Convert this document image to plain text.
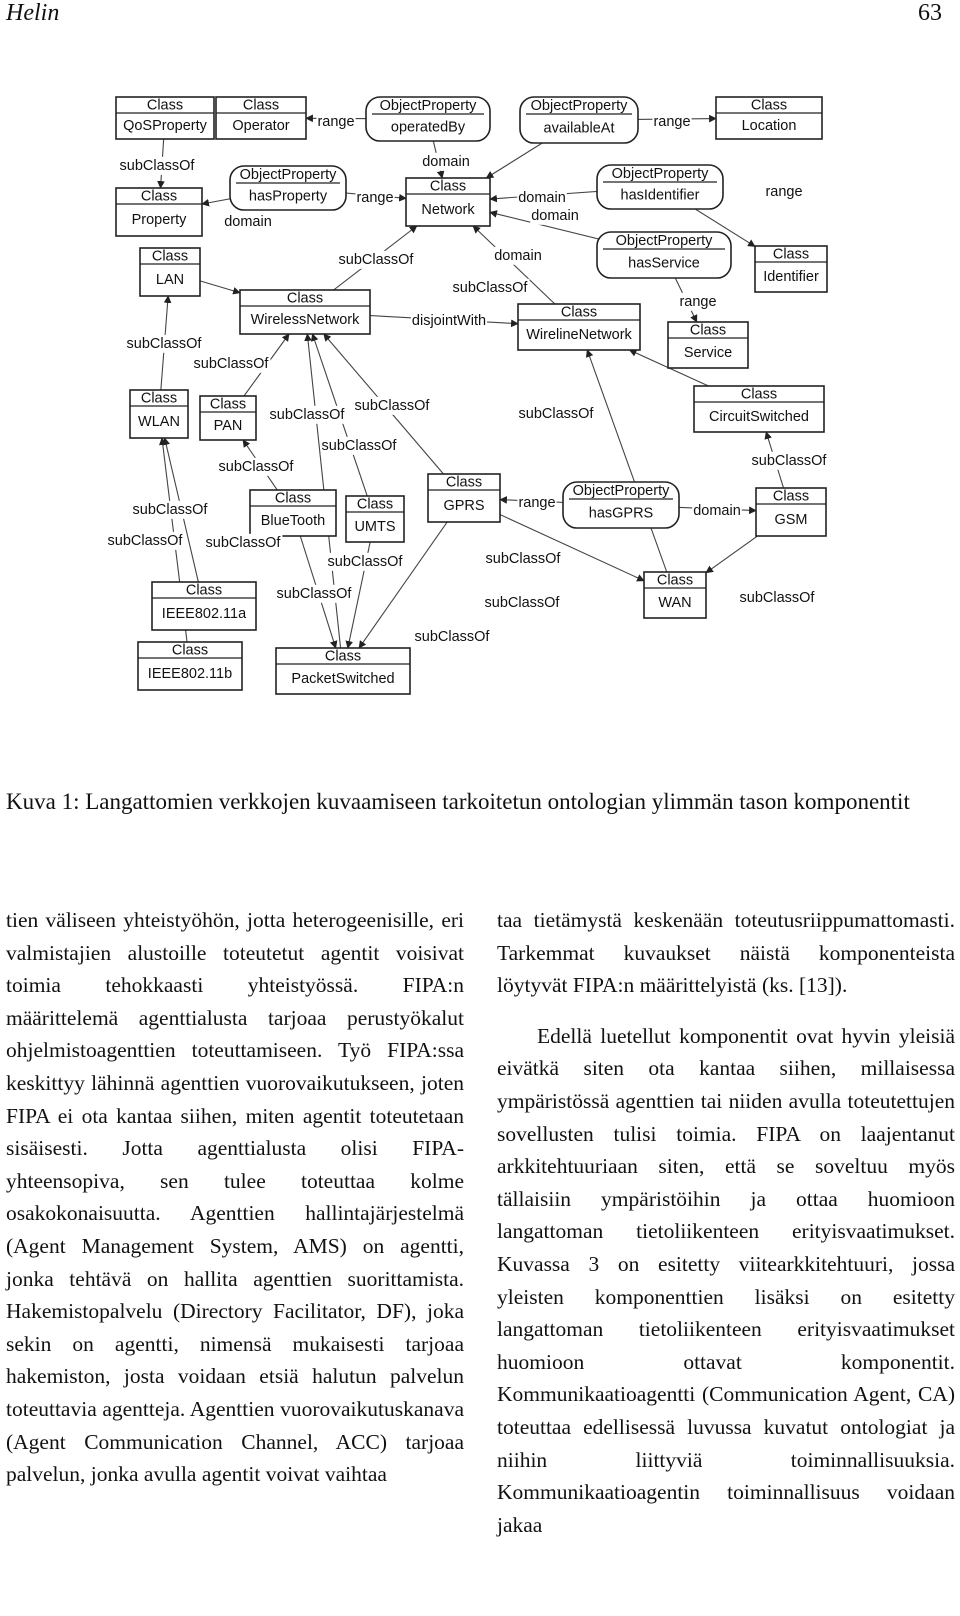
Helin	63
Class
QoSProperty
Class
Operator
ObjectProperty
operatedBy
ObjectProperty
availableAt
Class
Location
Class
Property
ObjectProperty
hasProperty
Class
Network
ObjectProperty
hasIdentifier
ObjectProperty
hasService
Class
Identifier
Class
LAN
Class
WirelessNetwork	Class
WirelineNetwork	Class
Service
Class
WLAN
Class
PAN
Class
CircuitSwitched
Class
GPRS
ObjectProperty
hasGPRS
Class
GSM
Class
BlueTooth
Class
UMTS
Class
WAN
Class
IEEE802.11a
Class
IEEE802.11b
Class
PacketSwitched
range	range
subClassOf
range
domain
domain
domain
domain
range
domain
subClassOf
subClassOf
range
disjointWith
subClassOf
subClassOf
subClassOf
subClassOf	subClassOf
subClassOf
subClassOf	subClassOf
range	domain
subClassOf
subClassOf subClassOf
subClassOf
subClassOf
subClassOf
subClassOf	subClassOf
subClassOf
Kuva 1: Langattomien verkkojen kuvaamiseen tarkoitetun ontologian ylimmän tason komponentit

tien väliseen yhteistyöhön, jotta heterogeenisille, eri valmistajien alustoille toteutetut agentit voisivat toimia tehokkaasti yhteistyössä. FIPA:n määrittelemä agenttialusta tarjoaa perustyökalut ohjelmistoagenttien toteuttamiseen. Työ FIPA:ssa keskittyy lähinnä agenttien vuorovaikutukseen, joten FIPA ei ota kantaa siihen, miten agentit toteutetaan sisäisesti. Jotta agenttialusta olisi FIPA-yhteensopiva, sen tulee toteuttaa kolme osakokonaisuutta. Agenttien hallintajärjestelmä (Agent Management System, AMS) on agentti, jonka tehtävä on hallita agenttien suorittamista. Hakemistopalvelu (Directory Facilitator, DF), joka sekin on agentti, nimensä mukaisesti tarjoaa hakemiston, josta voidaan etsiä halutun palvelun toteuttavia agentteja. Agenttien vuorovaikutuskanava (Agent Communication Channel, ACC) tarjoaa palvelun, jonka avulla agentit voivat vaihtaa

taa tietämystä keskenään toteutusriippumattomasti. Tarkemmat kuvaukset näistä komponenteista löytyvät FIPA:n määrittelyistä (ks. [13]).

Edellä luetellut komponentit ovat hyvin yleisiä eivätkä siten ota kantaa siihen, millaisessa ympäristössä agenttien tai niiden avulla toteutettujen sovellusten tulisi toimia. FIPA on laajentanut arkkitehtuuriaan siten, että se soveltuu myös tällaisiin ympäristöihin ja ottaa huomioon langattoman tietoliikenteen erityisvaatimukset. Kuvassa 3 on esitetty viitearkkitehtuuri, jossa yleisten komponenttien lisäksi on esitetty langattoman tietoliikenteen erityisvaatimukset huomioon ottavat komponentit. Kommunikaatioagentti (Communication Agent, CA) toteuttaa edellisessä luvussa kuvatut ontologiat ja niihin liittyviä toiminnallisuuksia. Kommunikaatioagentin toiminnallisuus voidaan jakaa
